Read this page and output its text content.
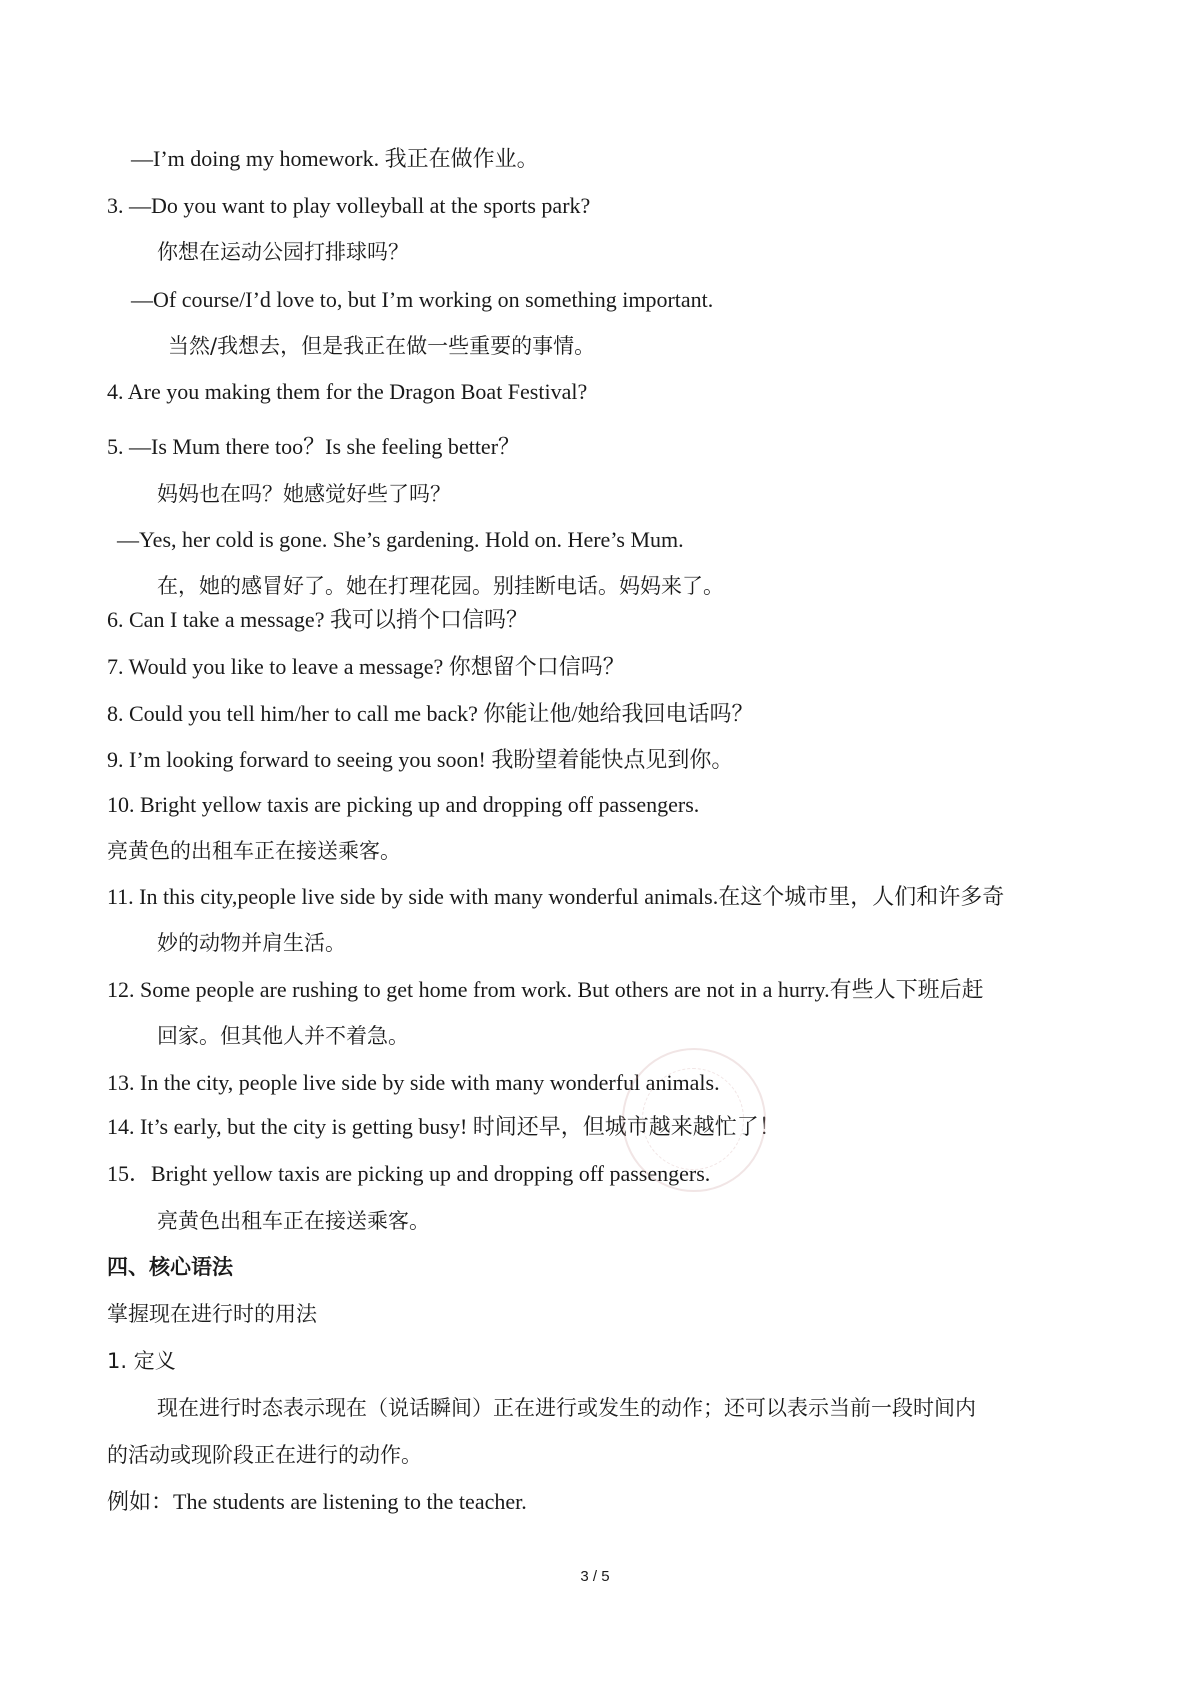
—I’m doing my homework. 我正在做作业。
3. —Do you want to play volleyball at the sports park?
你想在运动公园打排球吗？
—Of course/I’d love to, but I’m working on something important.
当然/我想去，但是我正在做一些重要的事情。
4. Are you making them for the Dragon Boat Festival?
5. —Is Mum there too？Is she feeling better？
妈妈也在吗？她感觉好些了吗？
—Yes, her cold is gone. She’s gardening. Hold on. Here’s Mum.
在，她的感冒好了。她在打理花园。别挂断电话。妈妈来了。
6. Can I take a message? 我可以捎个口信吗？
7. Would you like to leave a message? 你想留个口信吗？
8. Could you tell him/her to call me back? 你能让他/她给我回电话吗？
9. I’m looking forward to seeing you soon! 我盼望着能快点见到你。
10. Bright yellow taxis are picking up and dropping off passengers.
亮黄色的出租车正在接送乘客。
11. In this city,people live side by side with many wonderful animals.在这个城市里，人们和许多奇
妙的动物并肩生活。
12. Some people are rushing to get home from work. But others are not in a hurry.有些人下班后赶
回家。但其他人并不着急。
13. In the city, people live side by side with many wonderful animals.
14. It’s early, but the city is getting busy! 时间还早，但城市越来越忙了！
15．Bright yellow taxis are picking up and dropping off passengers.
亮黄色出租车正在接送乘客。
四、核心语法
掌握现在进行时的用法
1. 定义
现在进行时态表示现在（说话瞬间）正在进行或发生的动作；还可以表示当前一段时间内
的活动或现阶段正在进行的动作。
例如：The students are listening to the teacher.
3 / 5
